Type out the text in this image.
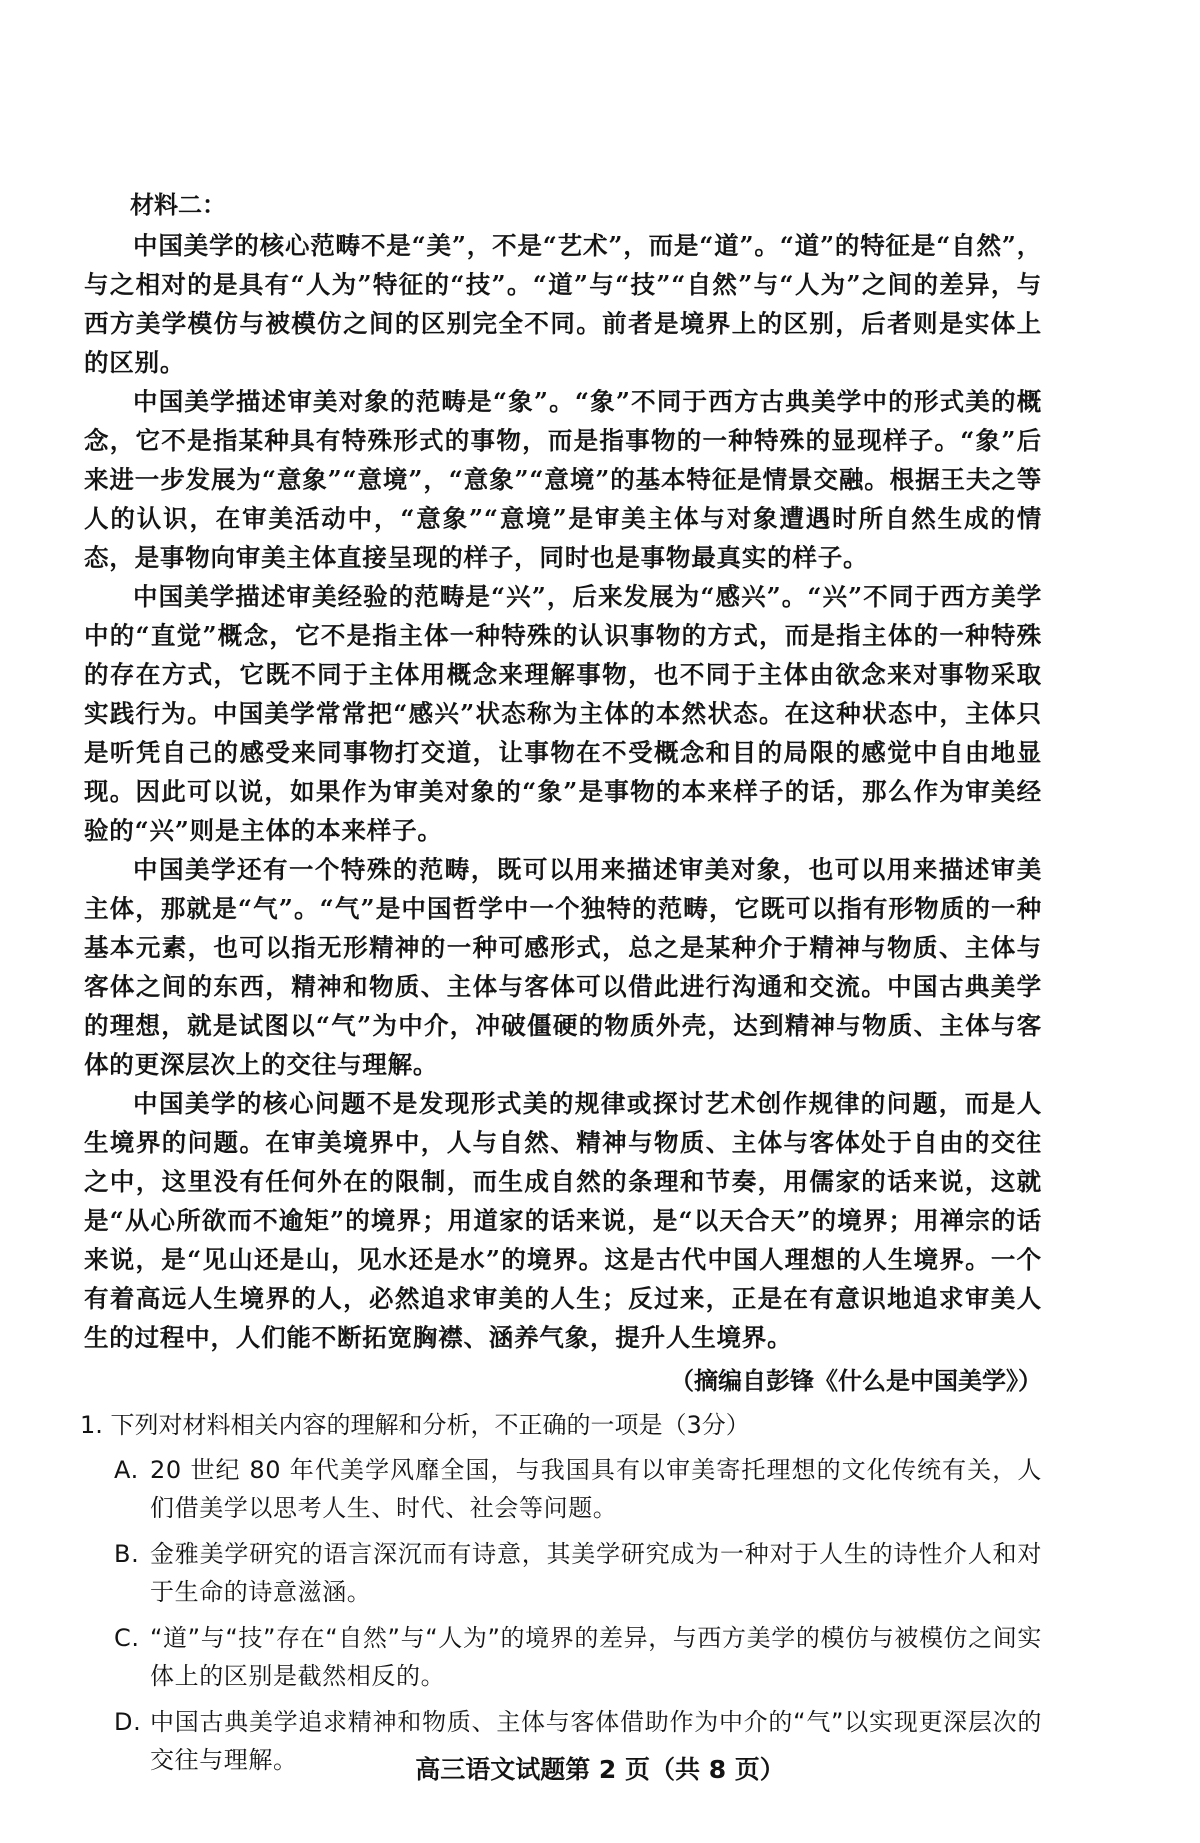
材料二：

中国美学的核心范畴不是“美”，不是“艺术”，而是“道”。“道”的特征是“自然”，与之相对的是具有“人为”特征的“技”。“道”与“技”“自然”与“人为”之间的差异，与西方美学模仿与被模仿之间的区别完全不同。前者是境界上的区别，后者则是实体上的区别。

中国美学描述审美对象的范畴是“象”。“象”不同于西方古典美学中的形式美的概念，它不是指某种具有特殊形式的事物，而是指事物的一种特殊的显现样子。“象”后来进一步发展为“意象”“意境”，“意象”“意境”的基本特征是情景交融。根据王夫之等人的认识，在审美活动中，“意象”“意境”是审美主体与对象遭遇时所自然生成的情态，是事物向审美主体直接呈现的样子，同时也是事物最真实的样子。

中国美学描述审美经验的范畴是“兴”，后来发展为“感兴”。“兴”不同于西方美学中的“直觉”概念，它不是指主体一种特殊的认识事物的方式，而是指主体的一种特殊的存在方式，它既不同于主体用概念来理解事物，也不同于主体由欲念来对事物采取实践行为。中国美学常常把“感兴”状态称为主体的本然状态。在这种状态中，主体只是听凭自己的感受来同事物打交道，让事物在不受概念和目的局限的感觉中自由地显现。因此可以说，如果作为审美对象的“象”是事物的本来样子的话，那么作为审美经验的“兴”则是主体的本来样子。

中国美学还有一个特殊的范畴，既可以用来描述审美对象，也可以用来描述审美主体，那就是“气”。“气”是中国哲学中一个独特的范畴，它既可以指有形物质的一种基本元素，也可以指无形精神的一种可感形式，总之是某种介于精神与物质、主体与客体之间的东西，精神和物质、主体与客体可以借此进行沟通和交流。中国古典美学的理想，就是试图以“气”为中介，冲破僵硬的物质外壳，达到精神与物质、主体与客体的更深层次上的交往与理解。

中国美学的核心问题不是发现形式美的规律或探讨艺术创作规律的问题，而是人生境界的问题。在审美境界中，人与自然、精神与物质、主体与客体处于自由的交往之中，这里没有任何外在的限制，而生成自然的条理和节奏，用儒家的话来说，这就是“从心所欲而不逾矩”的境界；用道家的话来说，是“以天合天”的境界；用禅宗的话来说，是“见山还是山，见水还是水”的境界。这是古代中国人理想的人生境界。一个有着高远人生境界的人，必然追求审美的人生；反过来，正是在有意识地追求审美人生的过程中，人们能不断拓宽胸襟、涵养气象，提升人生境界。

（摘编自彭锋《什么是中国美学》）
1. 下列对材料相关内容的理解和分析，不正确的一项是（3分）
A. 20 世纪 80 年代美学风靡全国，与我国具有以审美寄托理想的文化传统有关，人们借美学以思考人生、时代、社会等问题。
B. 金雅美学研究的语言深沉而有诗意，其美学研究成为一种对于人生的诗性介人和对于生命的诗意滋涵。
C. “道”与“技”存在“自然”与“人为”的境界的差异，与西方美学的模仿与被模仿之间实体上的区别是截然相反的。
D. 中国古典美学追求精神和物质、主体与客体借助作为中介的“气”以实现更深层次的交往与理解。	高三语文试题第 2 页（共 8 页）
